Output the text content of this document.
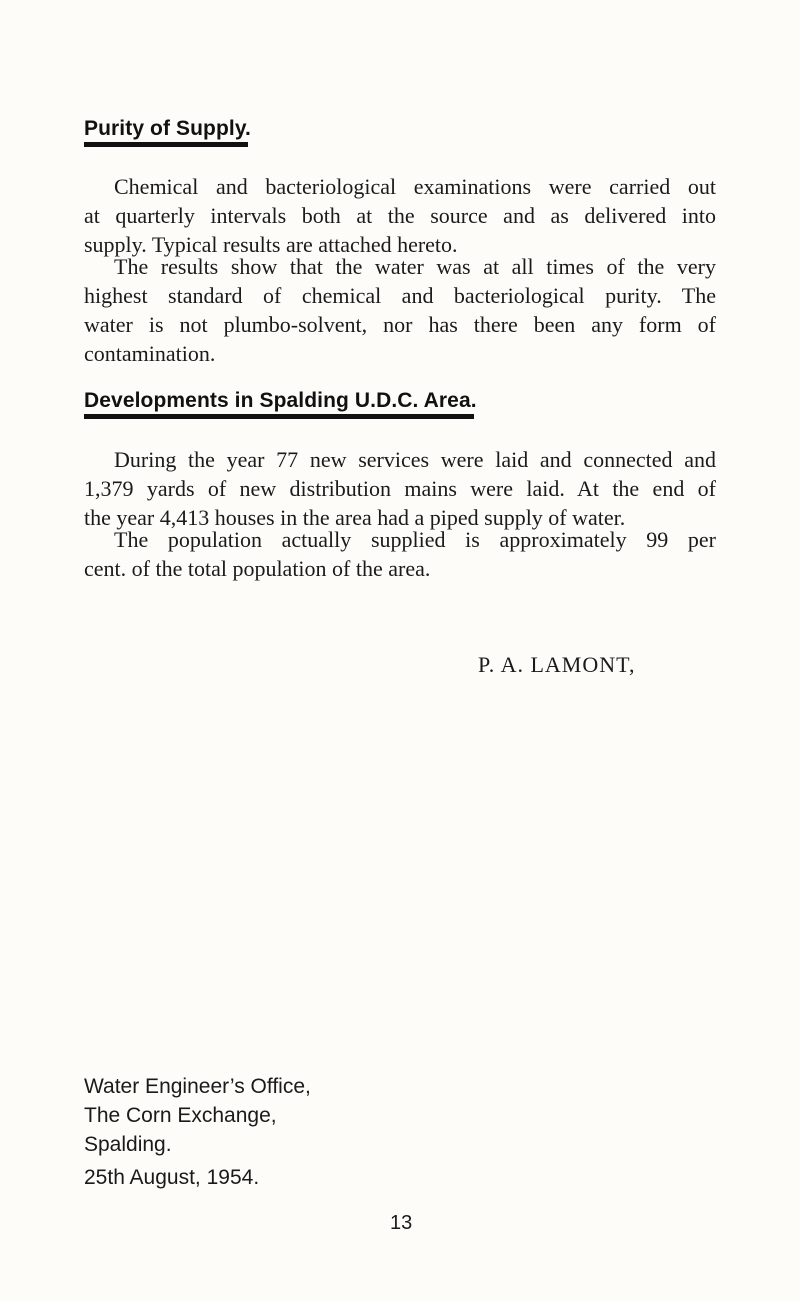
Purity of Supply.
Chemical and bacteriological examinations were carried out
at quarterly intervals both at the source and as delivered into
supply. Typical results are attached hereto.
The results show that the water was at all times of the very
highest standard of chemical and bacteriological purity. The
water is not plumbo-solvent, nor has there been any form of
contamination.
Developments in Spalding U.D.C. Area.
During the year 77 new services were laid and connected and
1,379 yards of new distribution mains were laid. At the end of
the year 4,413 houses in the area had a piped supply of water.
The population actually supplied is approximately 99 per
cent. of the total population of the area.
P. A. LAMONT,
Water Engineer’s Office,
The Corn Exchange,
Spalding.
25th August, 1954.
13
